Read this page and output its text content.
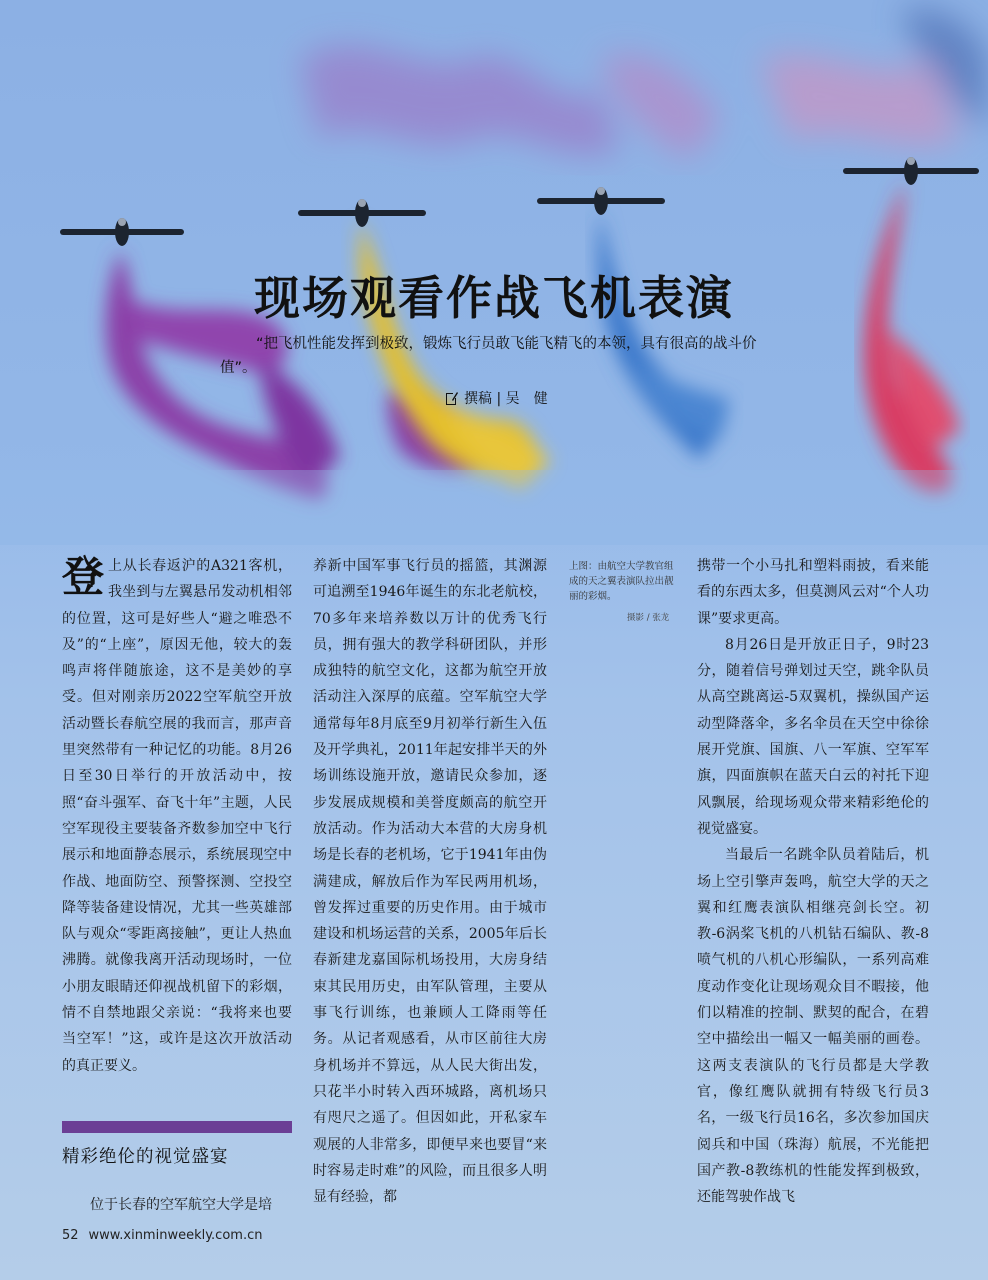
现场观看作战飞机表演
“把飞机性能发挥到极致，锻炼飞行员敢飞能飞精飞的本领，具有很高的战斗价值”。
撰稿 | 吴　健

登 上从长春返沪的A321客机，我坐到与左翼悬吊发动机相邻的位置，这可是好些人“避之唯恐不及”的“上座”，原因无他，较大的轰鸣声将伴随旅途，这不是美妙的享受。但对刚亲历2022空军航空开放活动暨长春航空展的我而言，那声音里突然带有一种记忆的功能。8月26日至30日举行的开放活动中，按照“奋斗强军、奋飞十年”主题，人民空军现役主要装备齐数参加空中飞行展示和地面静态展示，系统展现空中作战、地面防空、预警探测、空投空降等装备建设情况，尤其一些英雄部队与观众“零距离接触”，更让人热血沸腾。就像我离开活动现场时，一位小朋友眼睛还仰视战机留下的彩烟，情不自禁地跟父亲说：“我将来也要当空军！”这，或许是这次开放活动的真正要义。

精彩绝伦的视觉盛宴
位于长春的空军航空大学是培

养新中国军事飞行员的摇篮，其渊源可追溯至1946年诞生的东北老航校，70多年来培养数以万计的优秀飞行员，拥有强大的教学科研团队，并形成独特的航空文化，这都为航空开放活动注入深厚的底蕴。空军航空大学通常每年8月底至9月初举行新生入伍及开学典礼，2011年起安排半天的外场训练设施开放，邀请民众参加，逐步发展成规模和美誉度颇高的航空开放活动。作为活动大本营的大房身机场是长春的老机场，它于1941年由伪满建成，解放后作为军民两用机场，曾发挥过重要的历史作用。由于城市建设和机场运营的关系，2005年后长春新建龙嘉国际机场投用，大房身结束其民用历史，由军队管理，主要从事飞行训练，也兼顾人工降雨等任务。从记者观感看，从市区前往大房身机场并不算远，从人民大街出发，只花半小时转入西环城路，离机场只有咫尺之遥了。但因如此，开私家车观展的人非常多，即便早来也要冒“来时容易走时难”的风险，而且很多人明显有经验，都

上图：由航空大学教官组成的天之翼表演队拉出靓丽的彩烟。
摄影 / 张龙

携带一个小马扎和塑料雨披，看来能看的东西太多，但莫测风云对“个人功课”要求更高。

8月26日是开放正日子，9时23分，随着信号弹划过天空，跳伞队员从高空跳离运-5双翼机，操纵国产运动型降落伞，多名伞员在天空中徐徐展开党旗、国旗、八一军旗、空军军旗，四面旗帜在蓝天白云的衬托下迎风飘展，给现场观众带来精彩绝伦的视觉盛宴。

当最后一名跳伞队员着陆后，机场上空引擎声轰鸣，航空大学的天之翼和红鹰表演队相继亮剑长空。初教-6涡桨飞机的八机钻石编队、教-8喷气机的八机心形编队，一系列高难度动作变化让现场观众目不暇接，他们以精准的控制、默契的配合，在碧空中描绘出一幅又一幅美丽的画卷。这两支表演队的飞行员都是大学教官，像红鹰队就拥有特级飞行员3名，一级飞行员16名，多次参加国庆阅兵和中国（珠海）航展，不光能把国产教-8教练机的性能发挥到极致，还能驾驶作战飞

52 www.xinminweekly.com.cn
